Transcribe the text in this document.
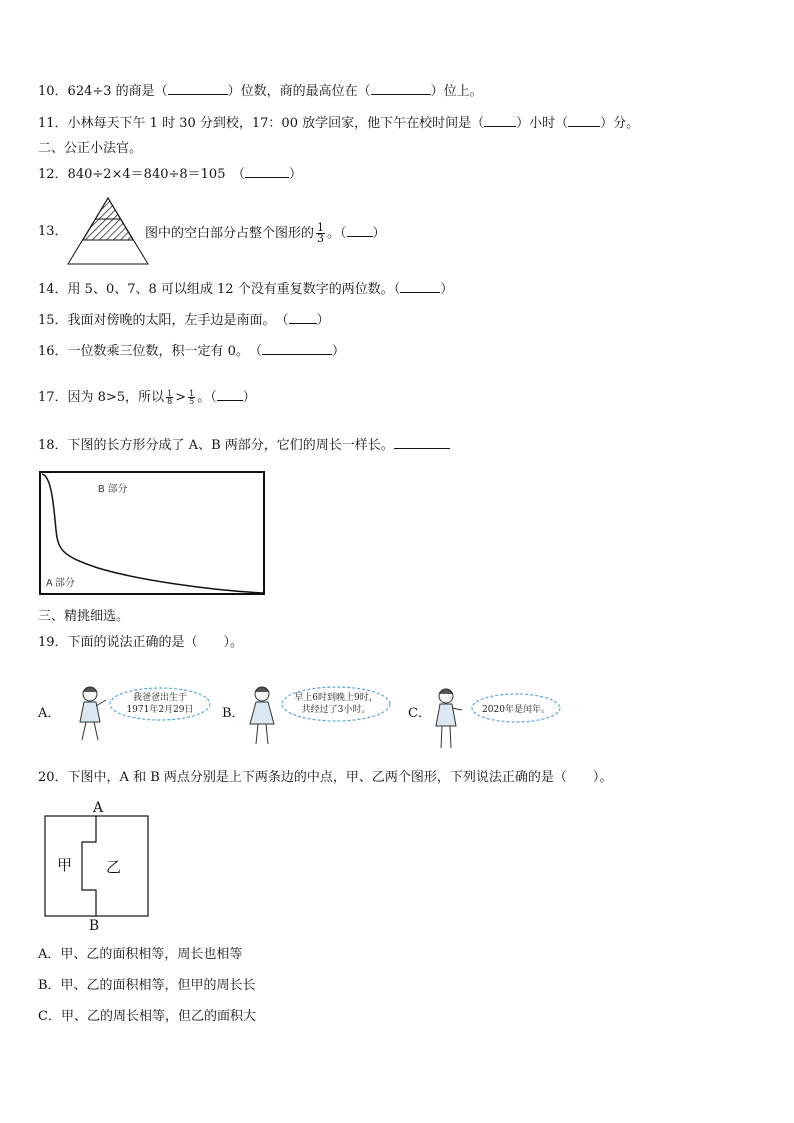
10．624÷3 的商是（	）位数，商的最高位在（	）位上。
11．小林每天下午 1 时 30 分到校，17：00 放学回家，他下午在校时间是（ ）小时（ ）分。
二、公正小法官。
12．840÷2×4＝840÷8＝105　（	）
13．	图中的空白部分占整个图形的 $\frac{1}{3}$ 。（ ）
14．用 5、0、7、8 可以组成 12 个没有重复数字的两位数。（	）
15．我面对傍晚的太阳，左手边是南面。　（ ）
16．一位数乘三位数，积一定有 0。　（	）
17．因为 8>5，所以 $\frac{1}{8} > \frac{1}{5}$ 。（ ）
18．下图的长方形分成了 A、B 两部分，它们的周长一样长。
B 部分
A 部分
三、精挑细选。
19．下面的说法正确的是（　　）。
A．
我爸爸出生于
1971年2月29日 B．
早上6时到晚上9时，
共经过了3小时。	C．	2020年是闰年。
20．下图中，A 和 B 两点分别是上下两条边的中点，甲、乙两个图形，下列说法正确的是（　　）。
A
B
甲 乙
A．甲、乙的面积相等，周长也相等
B．甲、乙的面积相等，但甲的周长长
C．甲、乙的周长相等，但乙的面积大
